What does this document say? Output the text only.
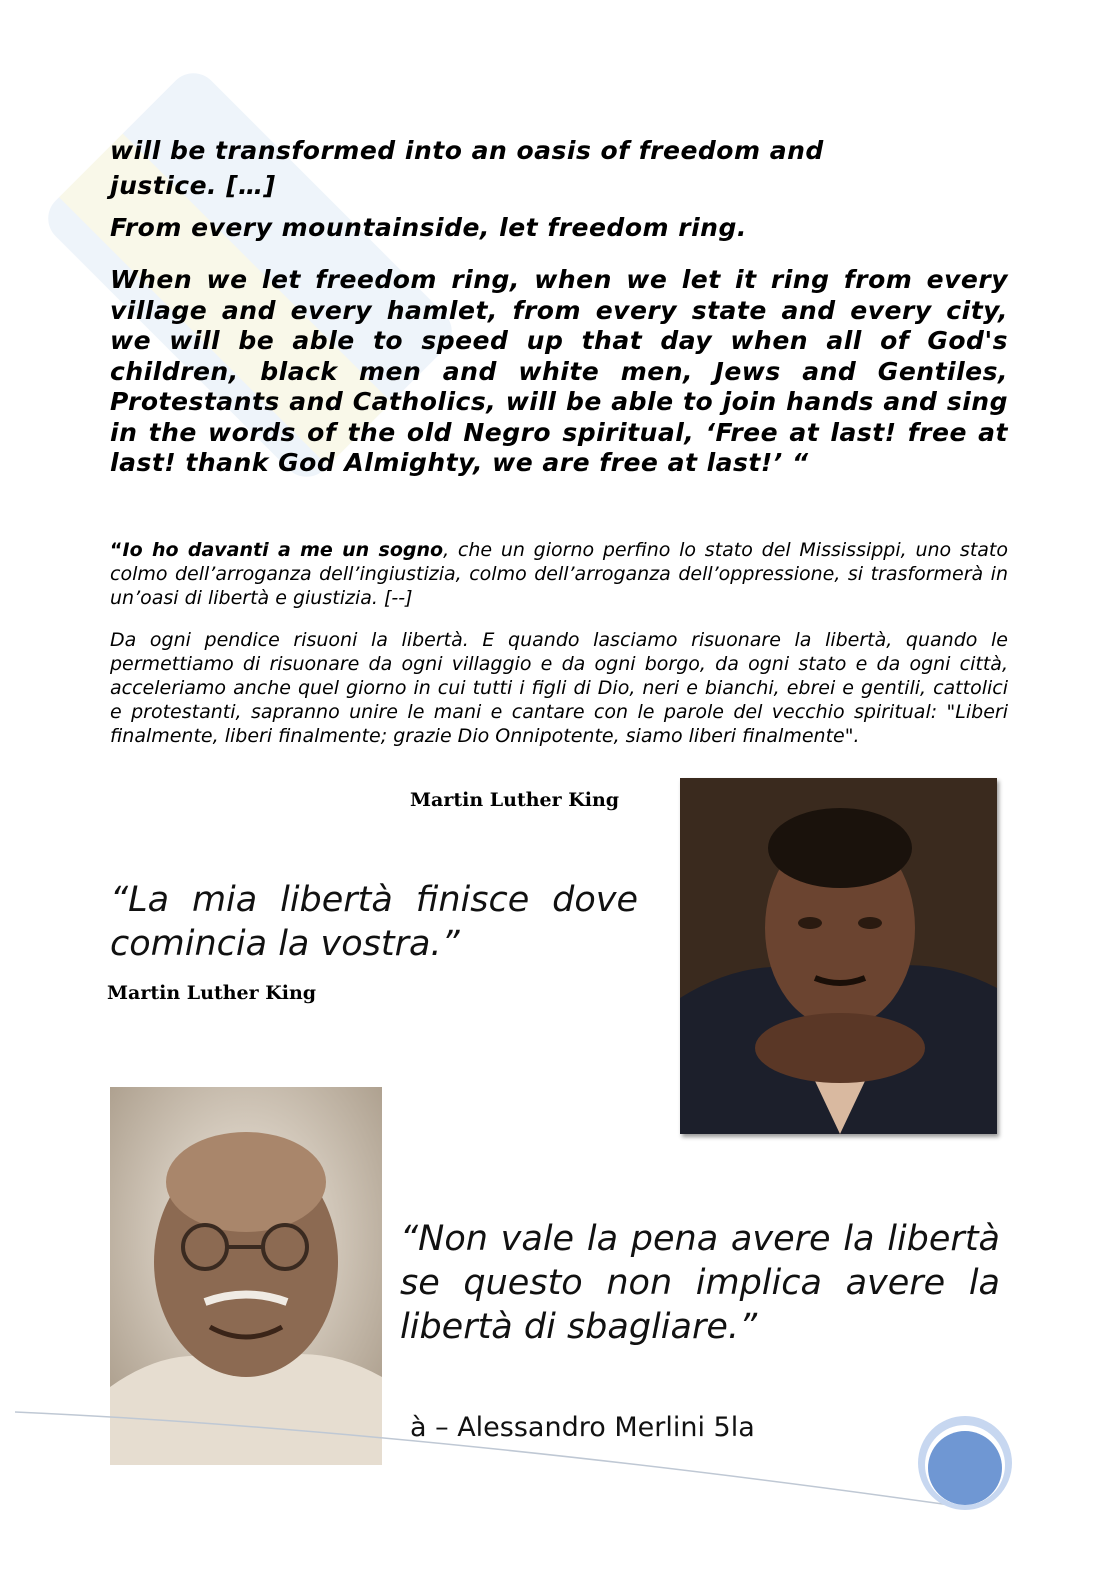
will be transformed into an oasis of freedom and

justice. […]

From every mountainside, let freedom ring.

When we let freedom ring, when we let it ring from every village and every hamlet, from every state and every city, we will be able to speed up that day when all of God's children, black men and white men, Jews and Gentiles, Protestants and Catholics, will be able to join hands and sing in the words of the old Negro spiritual, ‘Free at last! free at last! thank God Almighty, we are free at last!’ “

“Io ho davanti a me un sogno, che un giorno perfino lo stato del Mississippi, uno stato colmo dell’arroganza dell’ingiustizia, colmo dell’arroganza dell’oppressione, si trasformerà in un’oasi di libertà e giustizia. [--]

Da ogni pendice risuoni la libertà. E quando lasciamo risuonare la libertà, quando le permettiamo di risuonare da ogni villaggio e da ogni borgo, da ogni stato e da ogni città, acceleriamo anche quel giorno in cui tutti i figli di Dio, neri e bianchi, ebrei e gentili, cattolici e protestanti, sapranno unire le mani e cantare con le parole del vecchio spiritual: "Liberi finalmente, liberi finalmente; grazie Dio Onnipotente, siamo liberi finalmente".

Martin Luther King

“La mia libertà finisce dove comincia la vostra.”

Martin Luther King

“Non vale la pena avere la libertà se questo non implica avere la libertà di sbagliare.”

à – Alessandro Merlini 5la
